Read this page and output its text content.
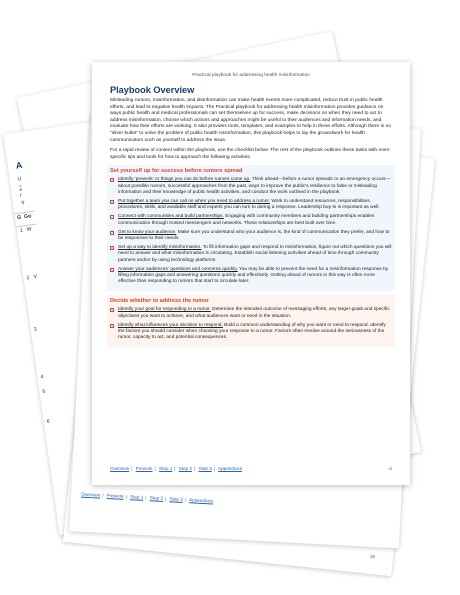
A
U
T
r
V
G Go
1 W
2 V
3
4
5
6
36
Overview | Prework | Step 1 | Step 2 | Step 3 | Appendices
Practical playbook for addressing health misinformation
Playbook Overview

Misleading rumors, misinformation, and disinformation can make health events more complicated, reduce trust in public health efforts, and lead to negative health impacts. The Practical playbook for addressing health misinformation provides guidance on ways public health and medical professionals can set themselves up for success, make decisions on when they need to act to address misinformation, choose which actions and approaches might be useful to their audiences and information needs, and evaluate how their efforts are working. It also provides tools, templates, and examples to help in these efforts. Although there is no "silver bullet" to solve the problem of public health misinformation, this playbook helps to lay the groundwork for health communicators such as yourself to address the issue.

For a rapid review of content within the playbook, use the checklist below. The rest of the playbook outlines these tasks with more specific tips and tools for how to approach the following activities.

Set yourself up for success before rumors spread
Identify 'prework' or things you can do before rumors come up. Think ahead—before a rumor spreads or an emergency occurs—about possible rumors, successful approaches from the past, ways to improve the public's resilience to false or misleading information and their knowledge of public health activities, and conduct the work outlined in the playbook.
Put together a team you can call on when you need to address a rumor. Work to understand resources, responsibilities, procedures, skills, and available staff and experts you can turn to during a response. Leadership buy-in is important as well.
Connect with communities and build partnerships. Engaging with community members and building partnerships enables communication through trusted messengers and networks. These relationships are best built over time.
Get to know your audience. Make sure you understand who your audience is, the kind of communication they prefer, and how to be responsive to their needs.
Set up a way to identify misinformation. To fill information gaps and respond to misinformation, figure out which questions you will need to answer and what misinformation is circulating. Establish social listening activities ahead of time through community partners and/or by using technology platforms.
Answer your audiences' questions and concerns quickly. You may be able to prevent the need for a misinformation response by filling information gaps and answering questions quickly and effectively. Getting ahead of rumors in this way is often more effective than responding to rumors that start to circulate later.
Decide whether to address the rumor
Identify your goal for responding to a rumor. Determine the intended outcome of messaging efforts, any larger goals and specific objectives you want to achieve, and what audiences want or need in the situation.
Identify what influences your decision to respond. Build a common understanding of why you want or need to respond. Identify the factors you should consider when choosing your response to a rumor. Factors often revolve around the seriousness of the rumor, capacity to act, and potential consequences.
Overview | Prework | Step 1 | Step 2 | Step 3 | Appendices	vi
